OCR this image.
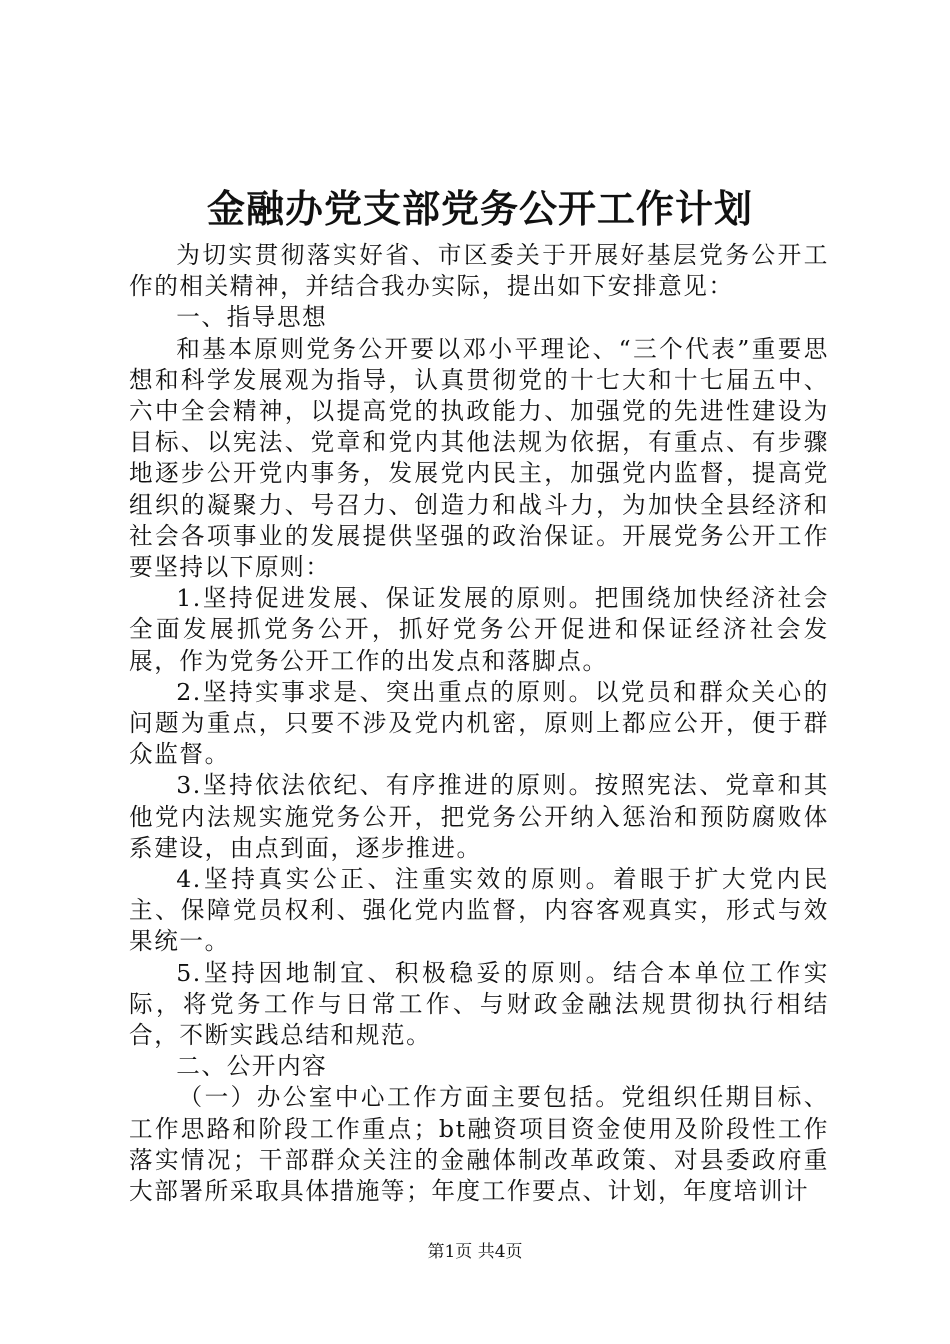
金融办党支部党务公开工作计划

为切实贯彻落实好省、市区委关于开展好基层党务公开工作的相关精神，并结合我办实际，提出如下安排意见：

一、指导思想

和基本原则党务公开要以邓小平理论、“三个代表”重要思想和科学发展观为指导，认真贯彻党的十七大和十七届五中、六中全会精神，以提高党的执政能力、加强党的先进性建设为目标、以宪法、党章和党内其他法规为依据，有重点、有步骤地逐步公开党内事务，发展党内民主，加强党内监督，提高党组织的凝聚力、号召力、创造力和战斗力，为加快全县经济和社会各项事业的发展提供坚强的政治保证。开展党务公开工作要坚持以下原则：

1.坚持促进发展、保证发展的原则。把围绕加快经济社会全面发展抓党务公开，抓好党务公开促进和保证经济社会发展，作为党务公开工作的出发点和落脚点。

2.坚持实事求是、突出重点的原则。以党员和群众关心的问题为重点，只要不涉及党内机密，原则上都应公开，便于群众监督。

3.坚持依法依纪、有序推进的原则。按照宪法、党章和其他党内法规实施党务公开，把党务公开纳入惩治和预防腐败体系建设，由点到面，逐步推进。

4.坚持真实公正、注重实效的原则。着眼于扩大党内民主、保障党员权利、强化党内监督，内容客观真实，形式与效果统一。

5.坚持因地制宜、积极稳妥的原则。结合本单位工作实际，将党务工作与日常工作、与财政金融法规贯彻执行相结合，不断实践总结和规范。

二、公开内容

（一）办公室中心工作方面主要包括。党组织任期目标、工作思路和阶段工作重点；bt融资项目资金使用及阶段性工作落实情况；干部群众关注的金融体制改革政策、对县委政府重大部署所采取具体措施等；年度工作要点、计划，年度培训计

第1页 共4页
